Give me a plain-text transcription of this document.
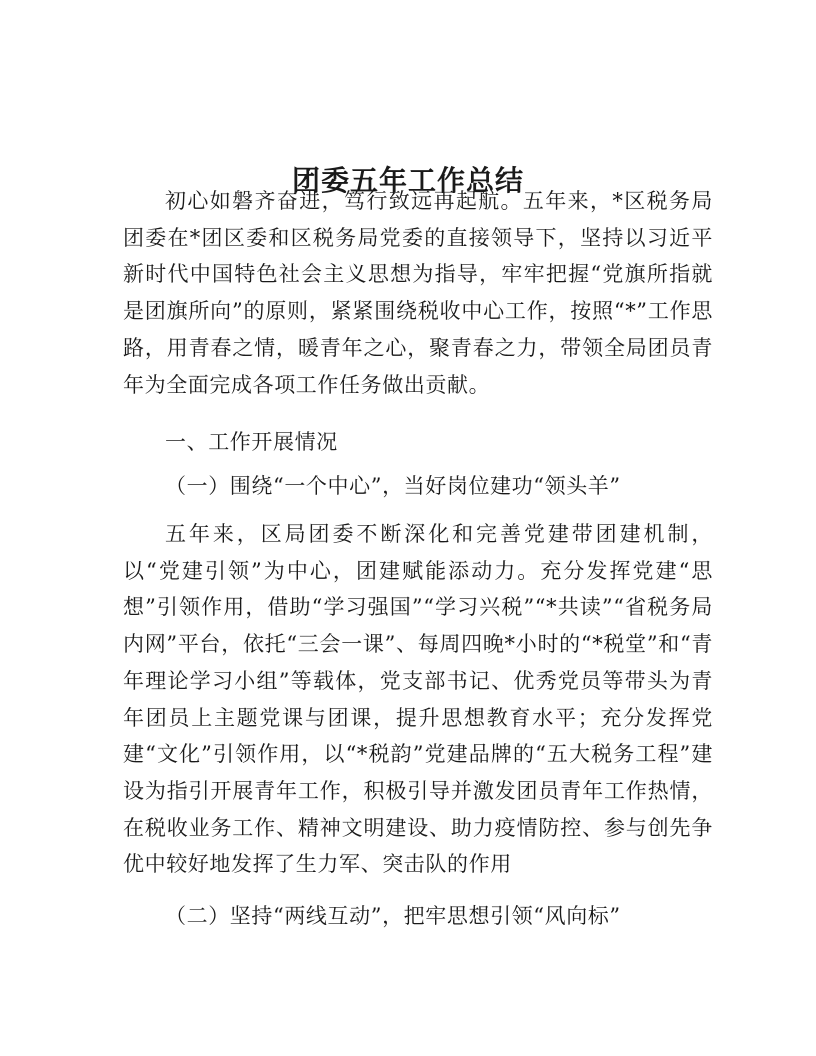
团委五年工作总结

初心如磐齐奋进，笃行致远再起航。五年来，*区税务局团委在*团区委和区税务局党委的直接领导下，坚持以习近平新时代中国特色社会主义思想为指导，牢牢把握“党旗所指就是团旗所向”的原则，紧紧围绕税收中心工作，按照“*”工作思路，用青春之情，暖青年之心，聚青春之力，带领全局团员青年为全面完成各项工作任务做出贡献。

一、工作开展情况

（一）围绕“一个中心”，当好岗位建功“领头羊”

五年来，区局团委不断深化和完善党建带团建机制，以“党建引领”为中心，团建赋能添动力。充分发挥党建“思想”引领作用，借助“学习强国”“学习兴税”“*共读”“省税务局内网”平台，依托“三会一课”、每周四晚*小时的“*税堂”和“青年理论学习小组”等载体，党支部书记、优秀党员等带头为青年团员上主题党课与团课，提升思想教育水平；充分发挥党建“文化”引领作用，以“*税韵”党建品牌的“五大税务工程”建设为指引开展青年工作，积极引导并激发团员青年工作热情，在税收业务工作、精神文明建设、助力疫情防控、参与创先争优中较好地发挥了生力军、突击队的作用

（二）坚持“两线互动”，把牢思想引领“风向标”
